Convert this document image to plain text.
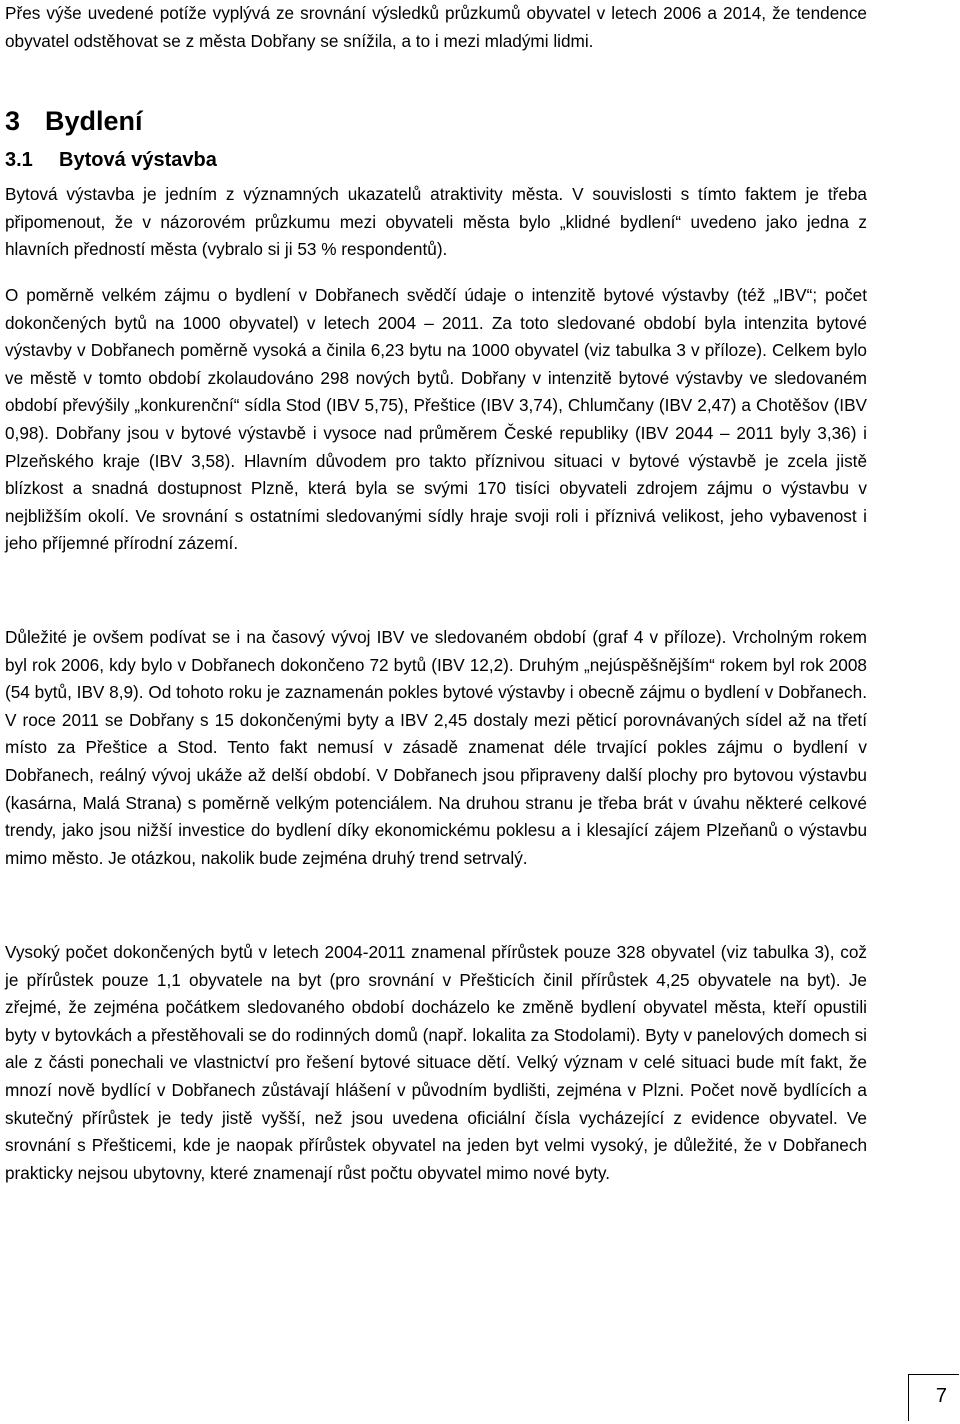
Přes výše uvedené potíže vyplývá ze srovnání výsledků průzkumů obyvatel v letech 2006 a 2014, že tendence obyvatel odstěhovat se z města Dobřany se snížila, a to i mezi mladými lidmi.

3 Bydlení
3.1 Bytová výstavba

Bytová výstavba je jedním z významných ukazatelů atraktivity města. V souvislosti s tímto faktem je třeba připomenout, že v názorovém průzkumu mezi obyvateli města bylo „klidné bydlení“ uvedeno jako jedna z hlavních předností města (vybralo si ji 53 % respondentů).

O poměrně velkém zájmu o bydlení v Dobřanech svědčí údaje o intenzitě bytové výstavby (též „IBV“; počet dokončených bytů na 1000 obyvatel) v letech 2004 – 2011. Za toto sledované období byla intenzita bytové výstavby v Dobřanech poměrně vysoká a činila 6,23 bytu na 1000 obyvatel (viz tabulka 3 v příloze). Celkem bylo ve městě v tomto období zkolaudováno 298 nových bytů. Dobřany v intenzitě bytové výstavby ve sledovaném období převýšily „konkurenční“ sídla Stod (IBV 5,75), Přeštice (IBV 3,74), Chlumčany (IBV 2,47) a Chotěšov (IBV 0,98). Dobřany jsou v bytové výstavbě i vysoce nad průměrem České republiky (IBV 2044 – 2011 byly 3,36) i Plzeňského kraje (IBV 3,58). Hlavním důvodem pro takto příznivou situaci v bytové výstavbě je zcela jistě blízkost a snadná dostupnost Plzně, která byla se svými 170 tisíci obyvateli zdrojem zájmu o výstavbu v nejbližším okolí. Ve srovnání s ostatními sledovanými sídly hraje svoji roli i příznivá velikost, jeho vybavenost i jeho příjemné přírodní zázemí.

Důležité je ovšem podívat se i na časový vývoj IBV ve sledovaném období (graf 4 v příloze). Vrcholným rokem byl rok 2006, kdy bylo v Dobřanech dokončeno 72 bytů (IBV 12,2). Druhým „nejúspěšnějším“ rokem byl rok 2008 (54 bytů, IBV 8,9). Od tohoto roku je zaznamenán pokles bytové výstavby i obecně zájmu o bydlení v Dobřanech. V roce 2011 se Dobřany s 15 dokončenými byty a IBV 2,45 dostaly mezi pěticí porovnávaných sídel až na třetí místo za Přeštice a Stod. Tento fakt nemusí v zásadě znamenat déle trvající pokles zájmu o bydlení v Dobřanech, reálný vývoj ukáže až delší období. V Dobřanech jsou připraveny další plochy pro bytovou výstavbu (kasárna, Malá Strana) s poměrně velkým potenciálem. Na druhou stranu je třeba brát v úvahu některé celkové trendy, jako jsou nižší investice do bydlení díky ekonomickému poklesu a i klesající zájem Plzeňanů o výstavbu mimo město. Je otázkou, nakolik bude zejména druhý trend setrvalý.

Vysoký počet dokončených bytů v letech 2004-2011 znamenal přírůstek pouze 328 obyvatel (viz tabulka 3), což je přírůstek pouze 1,1 obyvatele na byt (pro srovnání v Přešticích činil přírůstek 4,25 obyvatele na byt). Je zřejmé, že zejména počátkem sledovaného období docházelo ke změně bydlení obyvatel města, kteří opustili byty v bytovkách a přestěhovali se do rodinných domů (např. lokalita za Stodolami). Byty v panelových domech si ale z části ponechali ve vlastnictví pro řešení bytové situace dětí. Velký význam v celé situaci bude mít fakt, že mnozí nově bydlící v Dobřanech zůstávají hlášení v původním bydlišti, zejména v Plzni. Počet nově bydlících a skutečný přírůstek je tedy jistě vyšší, než jsou uvedena oficiální čísla vycházející z evidence obyvatel. Ve srovnání s Přešticemi, kde je naopak přírůstek obyvatel na jeden byt velmi vysoký, je důležité, že v Dobřanech prakticky nejsou ubytovny, které znamenají růst počtu obyvatel mimo nové byty.

7
